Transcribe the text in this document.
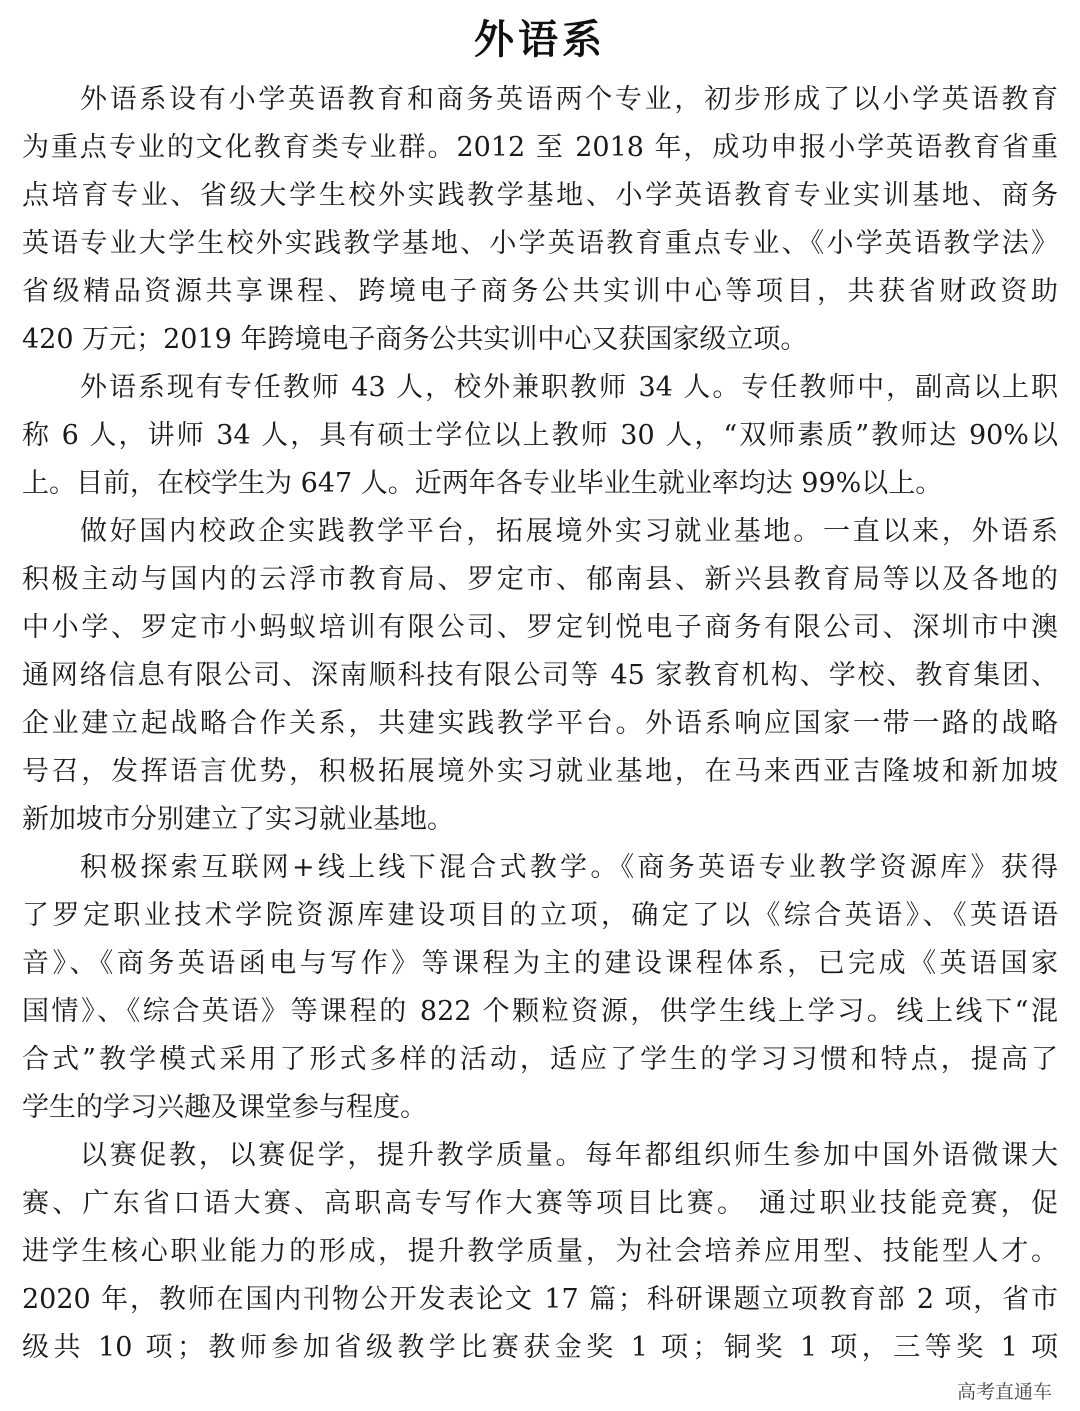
外语系
外语系设有小学英语教育和商务英语两个专业，初步形成了以小学英语教育
为重点专业的文化教育类专业群。2012 至 2018 年，成功申报小学英语教育省重
点培育专业、省级大学生校外实践教学基地、小学英语教育专业实训基地、商务
英语专业大学生校外实践教学基地、小学英语教育重点专业、《小学英语教学法》
省级精品资源共享课程、跨境电子商务公共实训中心等项目，共获省财政资助
420 万元；2019 年跨境电子商务公共实训中心又获国家级立项。
外语系现有专任教师 43 人，校外兼职教师 34 人。专任教师中，副高以上职
称 6 人，讲师 34 人，具有硕士学位以上教师 30 人，“双师素质”教师达 90%以
上。目前，在校学生为 647 人。近两年各专业毕业生就业率均达 99%以上。
做好国内校政企实践教学平台，拓展境外实习就业基地。一直以来，外语系
积极主动与国内的云浮市教育局、罗定市、郁南县、新兴县教育局等以及各地的
中小学、罗定市小蚂蚁培训有限公司、罗定钊悦电子商务有限公司、深圳市中澳
通网络信息有限公司、深南顺科技有限公司等 45 家教育机构、学校、教育集团、
企业建立起战略合作关系，共建实践教学平台。外语系响应国家一带一路的战略
号召，发挥语言优势，积极拓展境外实习就业基地，在马来西亚吉隆坡和新加坡
新加坡市分别建立了实习就业基地。
积极探索互联网+线上线下混合式教学。《商务英语专业教学资源库》获得
了罗定职业技术学院资源库建设项目的立项，确定了以《综合英语》、《英语语
音》、《商务英语函电与写作》等课程为主的建设课程体系，已完成《英语国家
国情》、《综合英语》等课程的 822 个颗粒资源，供学生线上学习。线上线下“混
合式”教学模式采用了形式多样的活动，适应了学生的学习习惯和特点，提高了
学生的学习兴趣及课堂参与程度。
以赛促教，以赛促学，提升教学质量。每年都组织师生参加中国外语微课大
赛、广东省口语大赛、高职高专写作大赛等项目比赛。 通过职业技能竞赛，促
进学生核心职业能力的形成，提升教学质量，为社会培养应用型、技能型人才。
2020 年，教师在国内刊物公开发表论文 17 篇；科研课题立项教育部 2 项，省市
级共 10 项；教师参加省级教学比赛获金奖 1 项；铜奖 1 项，三等奖 1 项
高考直通车
